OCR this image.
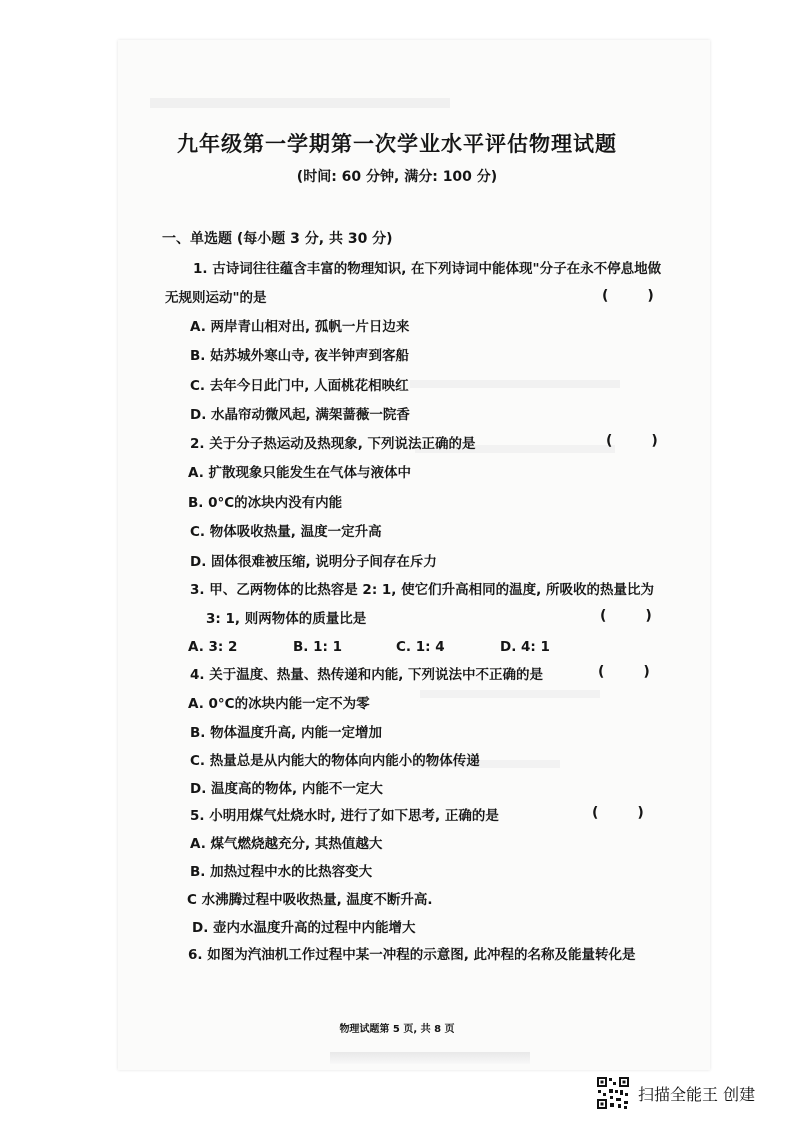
九年级第一学期第一次学业水平评估物理试题
(时间: 60 分钟, 满分: 100 分)
一、单选题 (每小题 3 分, 共 30 分)
1. 古诗词往往蕴含丰富的物理知识, 在下列诗词中能体现"分子在永不停息地做
无规则运动"的是	(        )
A. 两岸青山相对出, 孤帆一片日边来
B. 姑苏城外寒山寺, 夜半钟声到客船
C. 去年今日此门中, 人面桃花相映红
D. 水晶帘动微风起, 满架蔷薇一院香
2. 关于分子热运动及热现象, 下列说法正确的是	(        )
A. 扩散现象只能发生在气体与液体中
B. 0°C的冰块内没有内能
C. 物体吸收热量, 温度一定升高
D. 固体很难被压缩, 说明分子间存在斥力
3. 甲、乙两物体的比热容是 2: 1, 使它们升高相同的温度, 所吸收的热量比为
3: 1, 则两物体的质量比是	(        )
A. 3: 2	B. 1: 1	C. 1: 4	D. 4: 1
4. 关于温度、热量、热传递和内能, 下列说法中不正确的是	(        )
A. 0°C的冰块内能一定不为零
B. 物体温度升高, 内能一定增加
C. 热量总是从内能大的物体向内能小的物体传递
D. 温度高的物体, 内能不一定大
5. 小明用煤气灶烧水时, 进行了如下思考, 正确的是	(        )
A. 煤气燃烧越充分, 其热值越大
B. 加热过程中水的比热容变大
C 水沸腾过程中吸收热量, 温度不断升高.
D. 壶内水温度升高的过程中内能增大
6. 如图为汽油机工作过程中某一冲程的示意图, 此冲程的名称及能量转化是
物理试题第 5 页, 共 8 页
扫描全能王 创建
